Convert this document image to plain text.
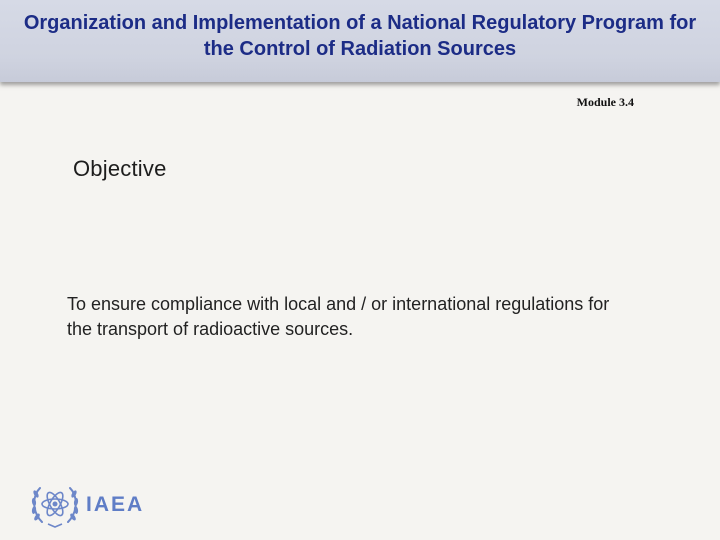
Organization and Implementation of a National Regulatory Program for the Control of Radiation Sources
Module 3.4
Objective

To ensure compliance with local and / or international regulations for the transport of radioactive sources.

IAEA
